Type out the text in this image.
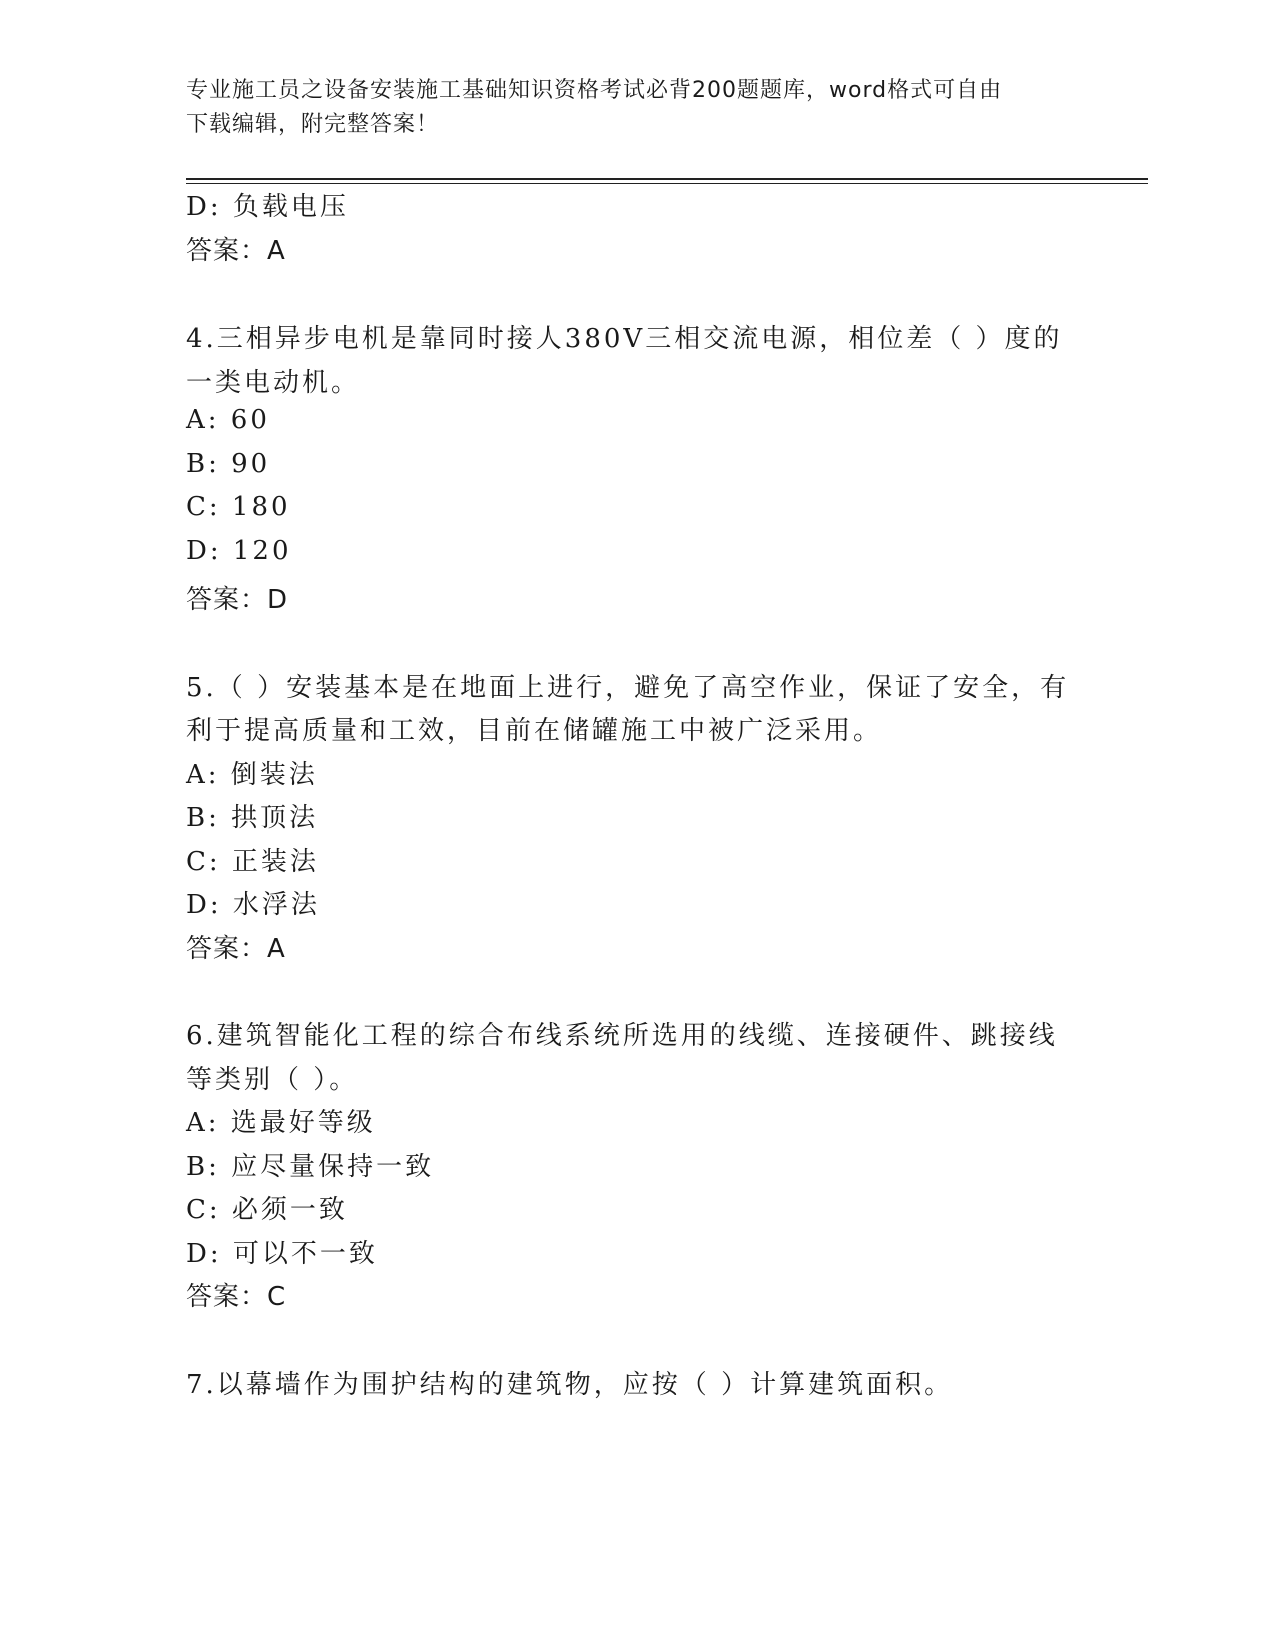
专业施工员之设备安装施工基础知识资格考试必背200题题库，word格式可自由
下载编辑，附完整答案！
D: 负载电压
答案：A
4.三相异步电机是靠同时接人380V三相交流电源，相位差（ ）度的
一类电动机。
A: 60
B: 90
C: 180
D: 120
答案：D
5.（ ）安装基本是在地面上进行，避免了高空作业，保证了安全，有
利于提高质量和工效，目前在储罐施工中被广泛采用。
A: 倒装法
B: 拱顶法
C: 正装法
D: 水浮法
答案：A
6.建筑智能化工程的综合布线系统所选用的线缆、连接硬件、跳接线
等类别（ ）。
A: 选最好等级
B: 应尽量保持一致
C: 必须一致
D: 可以不一致
答案：C
7.以幕墙作为围护结构的建筑物，应按（ ）计算建筑面积。
